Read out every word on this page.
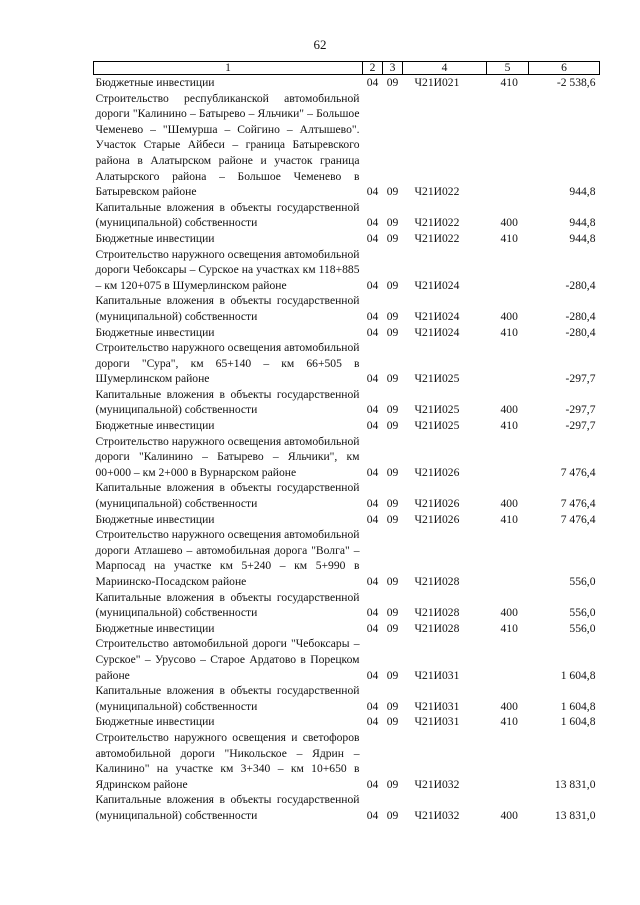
62
1	2	3	4	5	6
Бюджетные инвестиции	04	09	Ч21И021	410	-2 538,6
Строительство республиканской автомобильной дороги "Калинино – Батырево – Яльчики" – Большое Чеменево – "Шемурша – Сойгино – Алтышево". Участок Старые Айбеси – граница Батыревского района в Алатырском районе и участок граница Алатырского района – Большое Чеменево в Батыревском районе	04	09	Ч21И022		944,8
Капитальные вложения в объекты государственной (муниципальной) собственности	04	09	Ч21И022	400	944,8
Бюджетные инвестиции	04	09	Ч21И022	410	944,8
Строительство наружного освещения автомобильной дороги Чебоксары – Сурское на участках км 118+885 – км 120+075 в Шумерлинском районе	04	09	Ч21И024		-280,4
Капитальные вложения в объекты государственной (муниципальной) собственности	04	09	Ч21И024	400	-280,4
Бюджетные инвестиции	04	09	Ч21И024	410	-280,4
Строительство наружного освещения автомобильной дороги "Сура", км 65+140 – км 66+505 в Шумерлинском районе	04	09	Ч21И025		-297,7
Капитальные вложения в объекты государственной (муниципальной) собственности	04	09	Ч21И025	400	-297,7
Бюджетные инвестиции	04	09	Ч21И025	410	-297,7
Строительство наружного освещения автомобильной дороги "Калинино – Батырево – Яльчики", км 00+000 – км 2+000 в Вурнарском районе	04	09	Ч21И026		7 476,4
Капитальные вложения в объекты государственной (муниципальной) собственности	04	09	Ч21И026	400	7 476,4
Бюджетные инвестиции	04	09	Ч21И026	410	7 476,4
Строительство наружного освещения автомобильной дороги Атлашево – автомобильная дорога "Волга" – Марпосад на участке км 5+240 – км 5+990 в Мариинско-Посадском районе	04	09	Ч21И028		556,0
Капитальные вложения в объекты государственной (муниципальной) собственности	04	09	Ч21И028	400	556,0
Бюджетные инвестиции	04	09	Ч21И028	410	556,0
Строительство автомобильной дороги "Чебоксары – Сурское" – Урусово – Старое Ардатово в Порецком районе	04	09	Ч21И031		1 604,8
Капитальные вложения в объекты государственной (муниципальной) собственности	04	09	Ч21И031	400	1 604,8
Бюджетные инвестиции	04	09	Ч21И031	410	1 604,8
Строительство наружного освещения и светофоров автомобильной дороги "Никольское – Ядрин – Калинино" на участке км 3+340 – км 10+650 в Ядринском районе	04	09	Ч21И032		13 831,0
Капитальные вложения в объекты государственной (муниципальной) собственности	04	09	Ч21И032	400	13 831,0
